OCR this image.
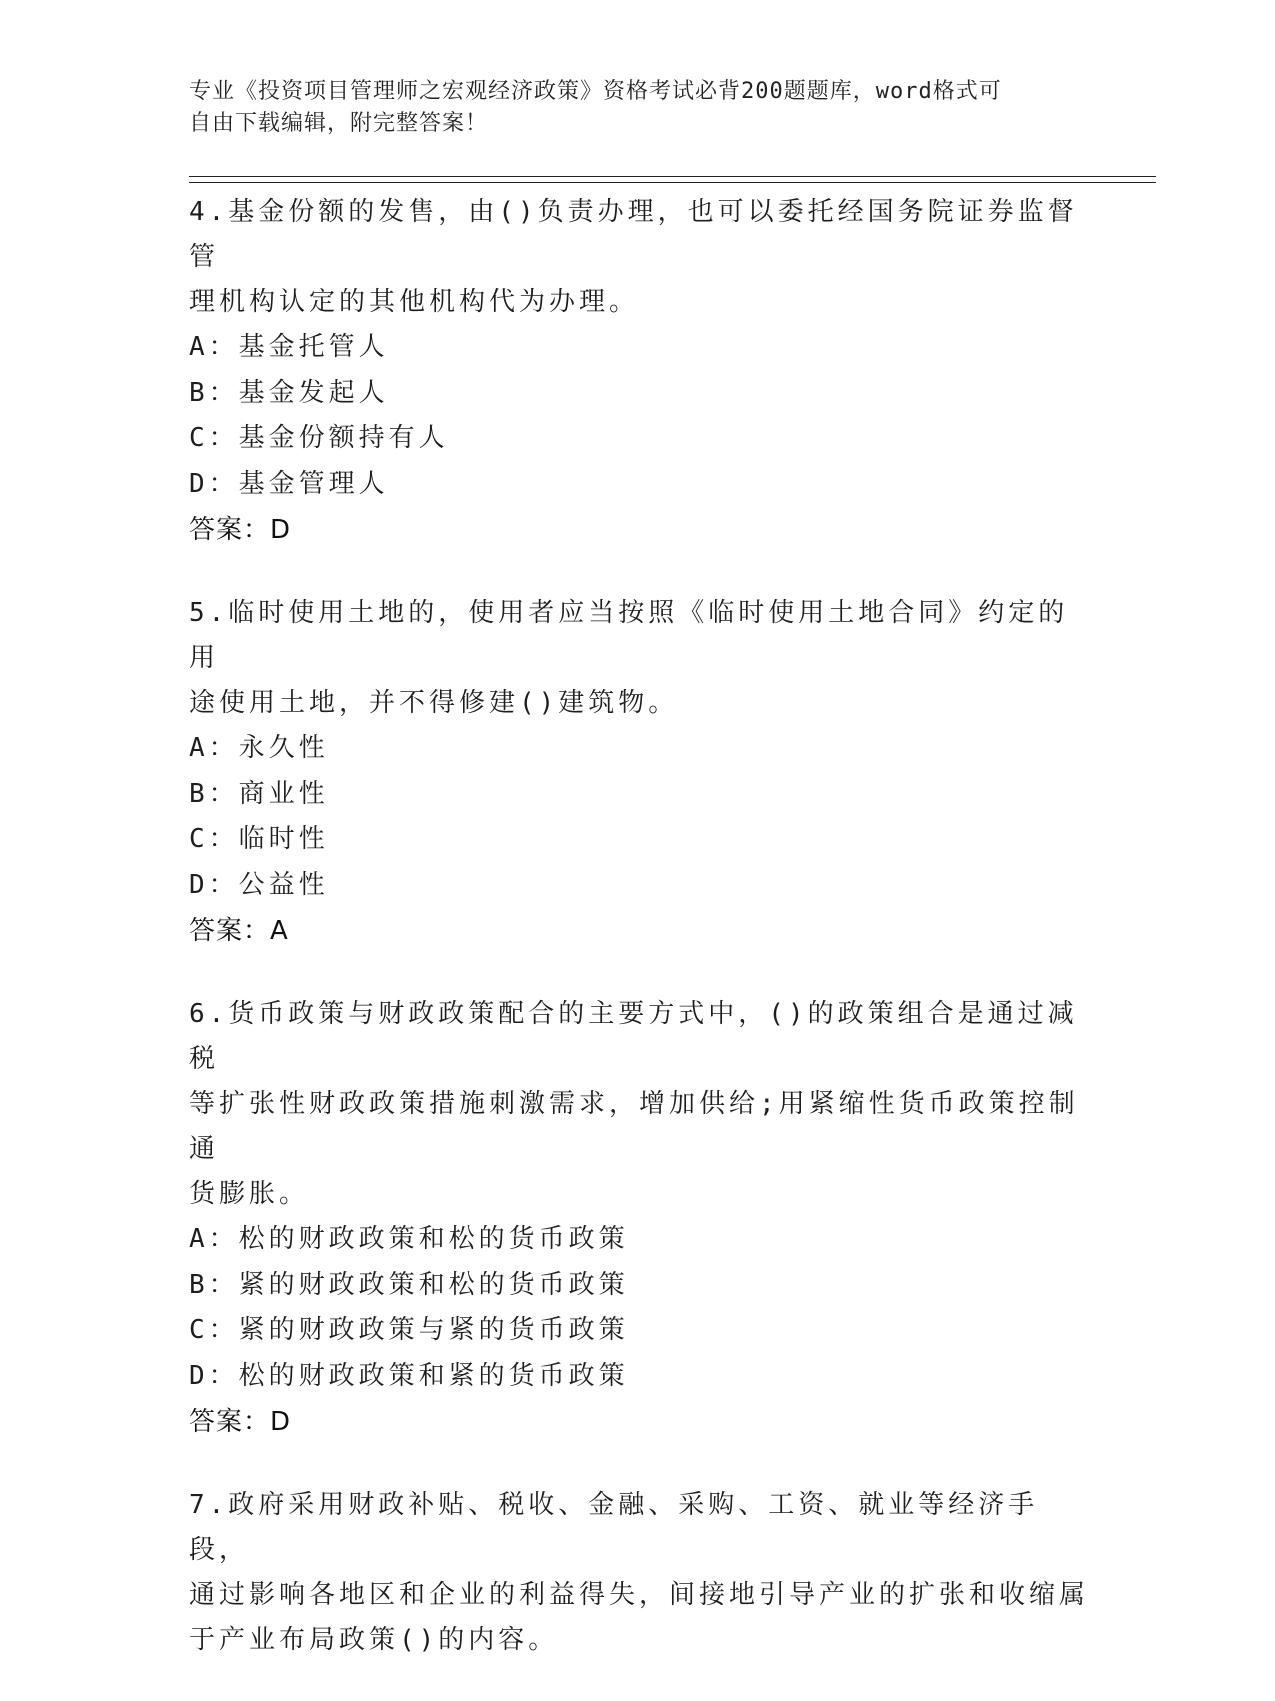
专业《投资项目管理师之宏观经济政策》资格考试必背200题题库，word格式可
自由下载编辑，附完整答案！

4.基金份额的发售，由()负责办理，也可以委托经国务院证券监督管

理机构认定的其他机构代为办理。

A：基金托管人

B：基金发起人

C：基金份额持有人

D：基金管理人

答案：D

5.临时使用土地的，使用者应当按照《临时使用土地合同》约定的用

途使用土地，并不得修建()建筑物。

A：永久性

B：商业性

C：临时性

D：公益性

答案：A

6.货币政策与财政政策配合的主要方式中，()的政策组合是通过减税

等扩张性财政政策措施刺激需求，增加供给;用紧缩性货币政策控制通

货膨胀。

A：松的财政政策和松的货币政策

B：紧的财政政策和松的货币政策

C：紧的财政政策与紧的货币政策

D：松的财政政策和紧的货币政策

答案：D

7.政府采用财政补贴、税收、金融、采购、工资、就业等经济手段，

通过影响各地区和企业的利益得失，间接地引导产业的扩张和收缩属

于产业布局政策()的内容。
